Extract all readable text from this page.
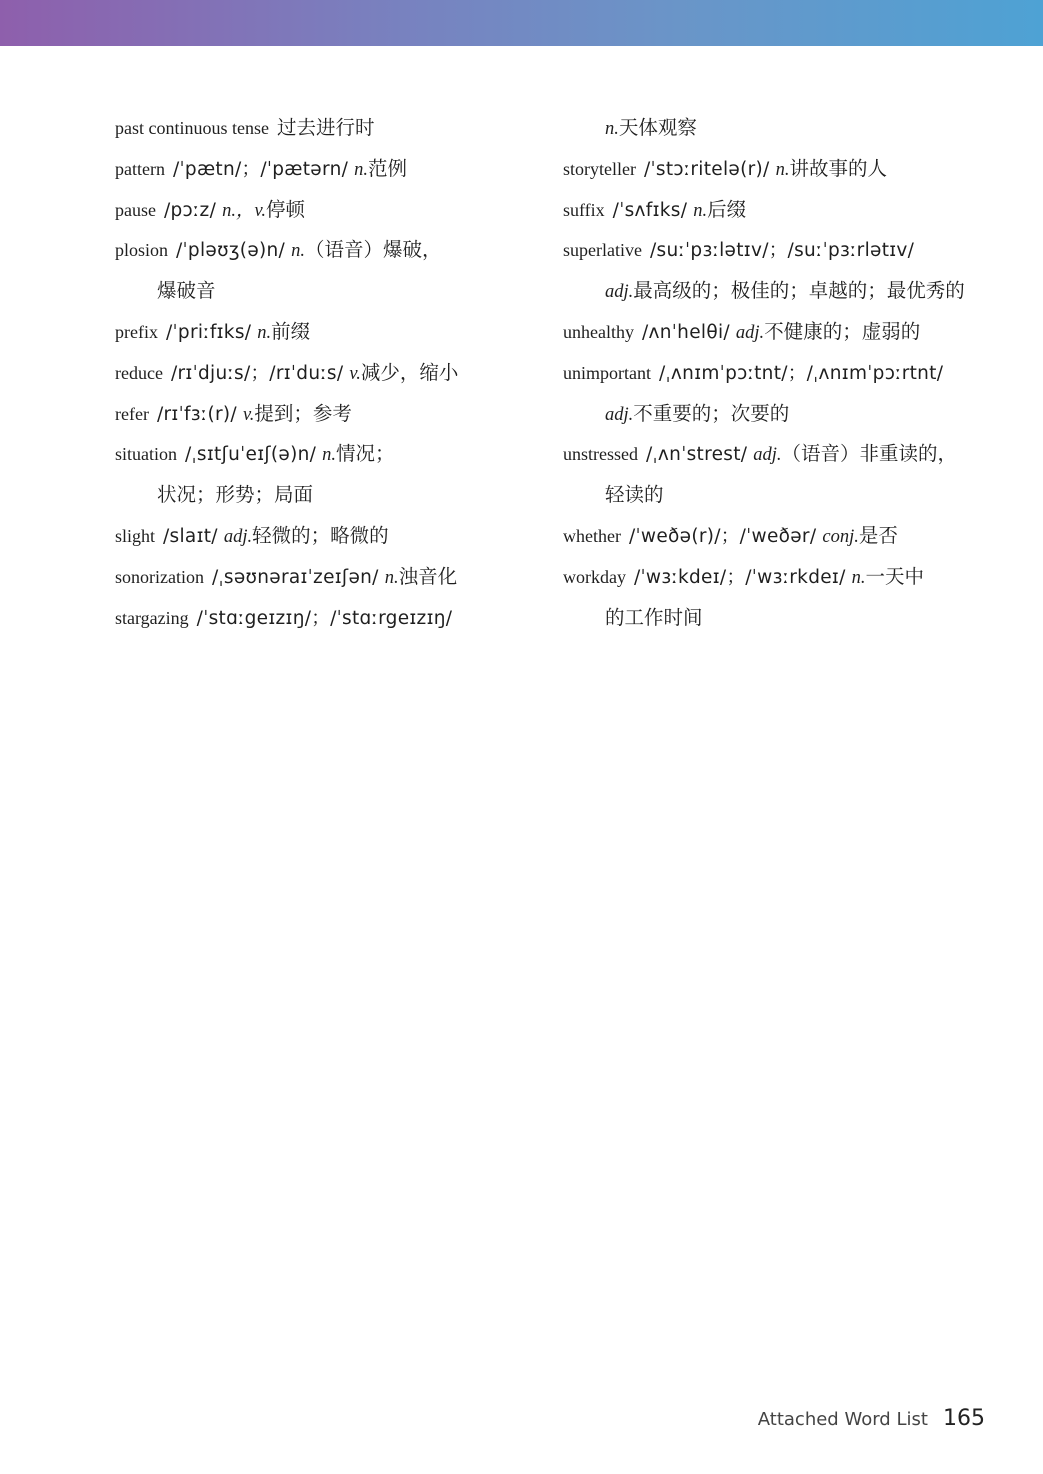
past continuous tense 过去进行时
pattern /ˈpætn/；/ˈpætərn/ n.范例
pause /pɔːz/ n.，v.停顿
plosion /ˈpləʊʒ(ə)n/ n.（语音）爆破，
爆破音
prefix /ˈpriːfɪks/ n.前缀
reduce /rɪˈdjuːs/；/rɪˈduːs/ v.减少，缩小
refer /rɪˈfɜː(r)/ v.提到；参考
situation /ˌsɪtʃuˈeɪʃ(ə)n/ n.情况；
状况；形势；局面
slight /slaɪt/ adj.轻微的；略微的
sonorization /ˌsəʊnəraɪˈzeɪʃən/ n.浊音化
stargazing /ˈstɑːgeɪzɪŋ/；/ˈstɑːrgeɪzɪŋ/
n.天体观察
storyteller /ˈstɔːritelə(r)/ n.讲故事的人
suffix /ˈsʌfɪks/ n.后缀
superlative /suːˈpɜːlətɪv/；/suːˈpɜːrlətɪv/
adj.最高级的；极佳的；卓越的；最优秀的
unhealthy /ʌnˈhelθi/ adj.不健康的；虚弱的
unimportant /ˌʌnɪmˈpɔːtnt/；/ˌʌnɪmˈpɔːrtnt/
adj.不重要的；次要的
unstressed /ˌʌnˈstrest/ adj.（语音）非重读的，
轻读的
whether /ˈweðə(r)/；/ˈweðər/ conj.是否
workday /ˈwɜːkdeɪ/；/ˈwɜːrkdeɪ/ n.一天中
的工作时间
Attached Word List 165
